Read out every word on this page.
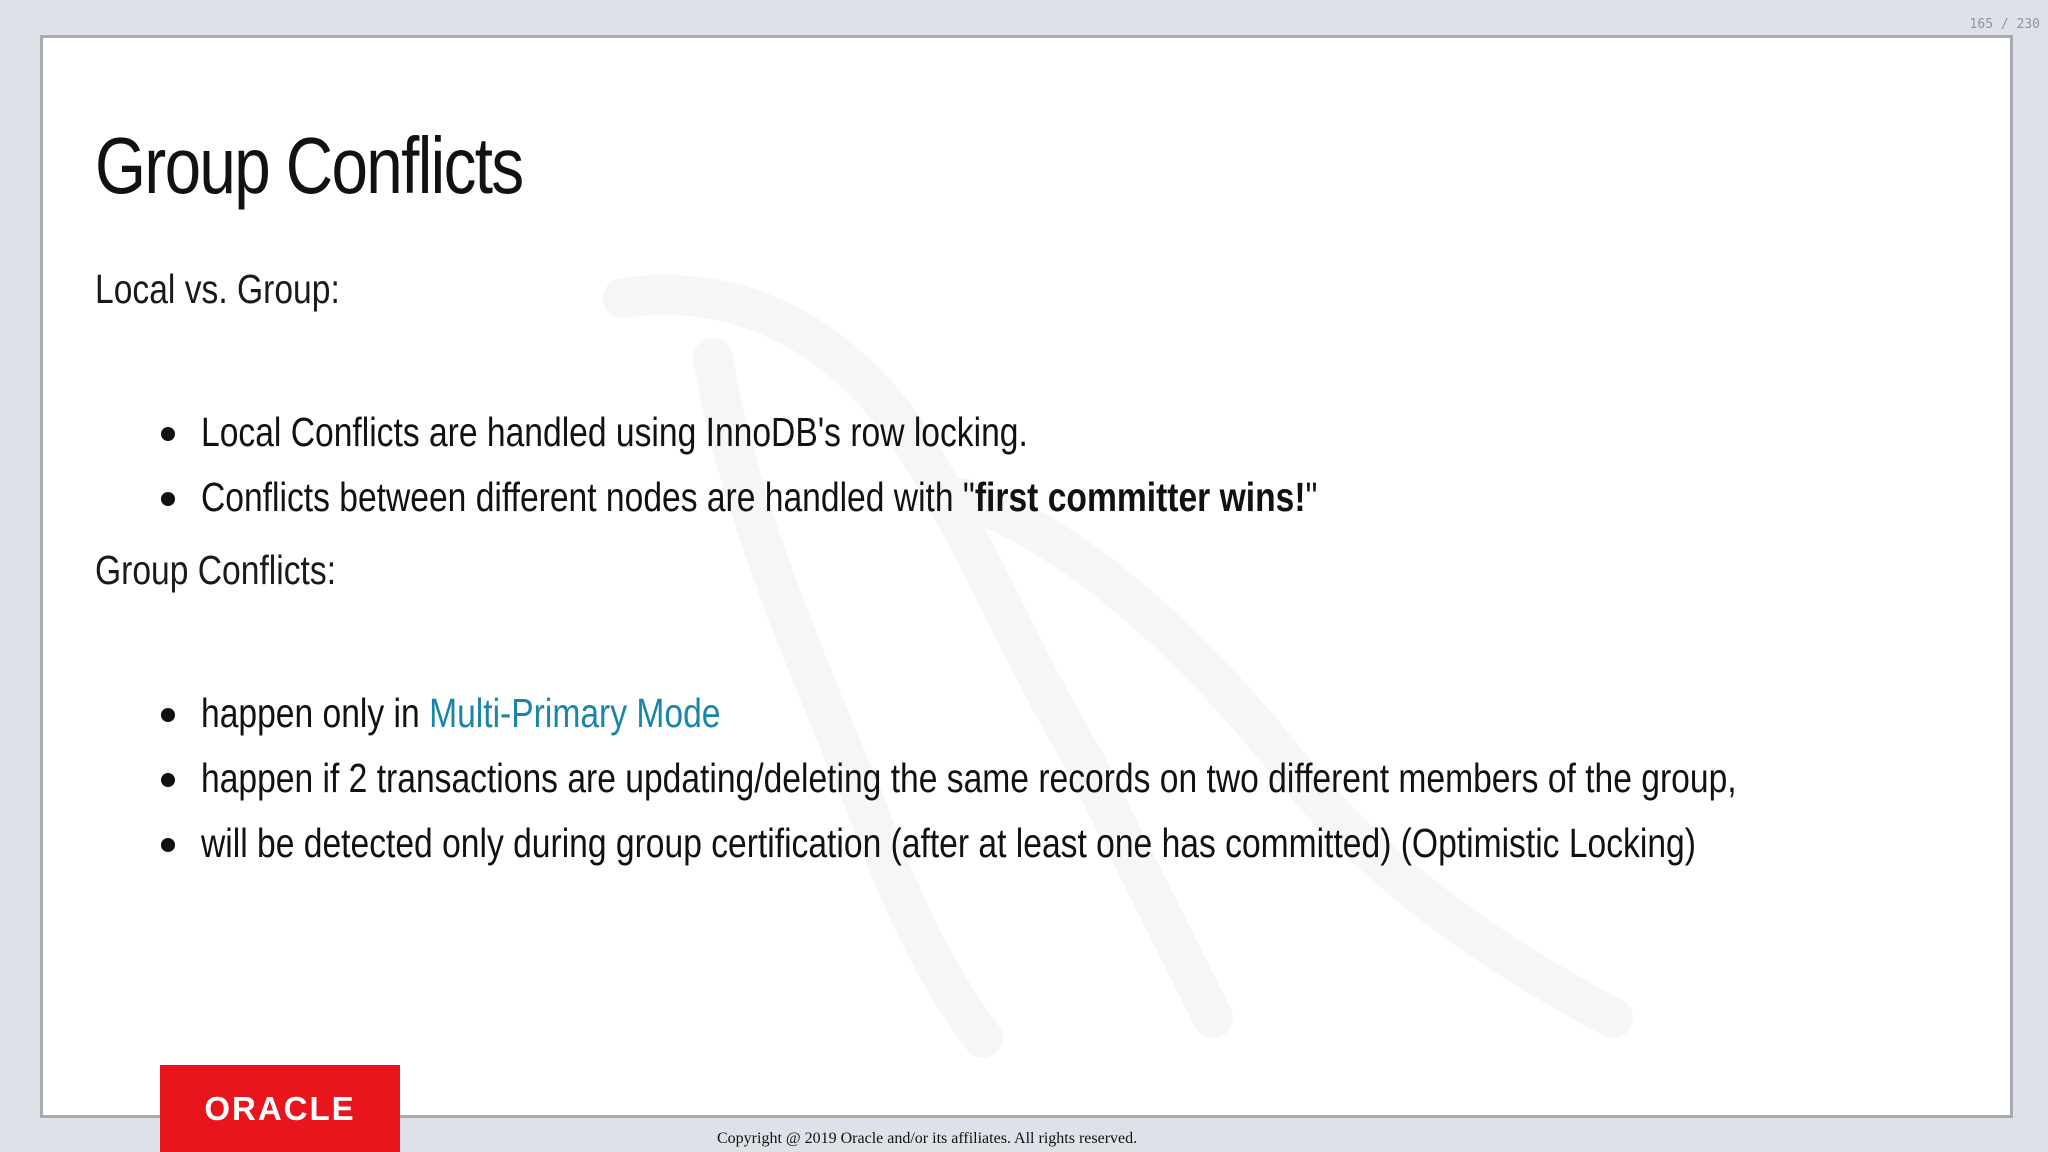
165 / 230
Group Conflicts
Local vs. Group:
Local Conflicts are handled using InnoDB's row locking.
Conflicts between different nodes are handled with "first committer wins!"
Group Conflicts:
happen only in Multi-Primary Mode
happen if 2 transactions are updating/deleting the same records on two different members of the group,
will be detected only during group certification (after at least one has committed) (Optimistic Locking)
ORACLE
Copyright @ 2019 Oracle and/or its affiliates. All rights reserved.
